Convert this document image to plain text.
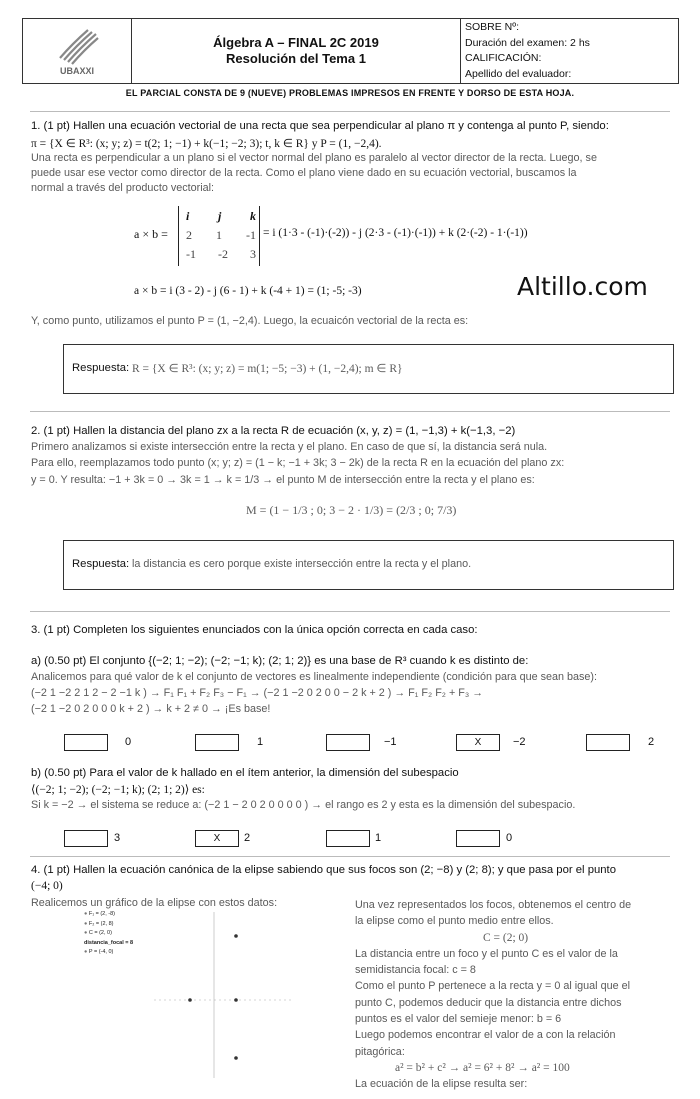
UBAXXI

Álgebra A – FINAL 2C 2019
Resolución del Tema 1

SOBRE Nº:
Duración del examen: 2 hs
CALIFICACIÓN:
Apellido del evaluador:
EL PARCIAL CONSTA DE 9 (NUEVE) PROBLEMAS IMPRESOS EN FRENTE Y DORSO DE ESTA HOJA.
1. (1 pt) Hallen una ecuación vectorial de una recta que sea perpendicular al plano π y contenga al punto P, siendo:
π = {X ∈ R³: (x; y; z) = t(2; 1; −1) + k(−1; −2; 3); t, k ∈ R} y P = (1, −2,4).
Una recta es perpendicular a un plano si el vector normal del plano es paralelo al vector director de la recta. Luego, se
puede usar ese vector como director de la recta. Como el plano viene dado en su ecuación vectorial, buscamos la
normal a través del producto vectorial:
a × b =
i j k
2 1 -1
-1 -2 3
= i (1·3 - (-1)·(-2)) - j (2·3 - (-1)·(-1)) + k (2·(-2) - 1·(-1))
a × b = i (3 - 2) - j (6 - 1) + k (-4 + 1) = (1; -5; -3)	Altillo.com
Y, como punto, utilizamos el punto P = (1, −2,4). Luego, la ecuaicón vectorial de la recta es:
Respuesta: R = {X ∈ R³: (x; y; z) = m(1; −5; −3) + (1, −2,4); m ∈ R}
2. (1 pt) Hallen la distancia del plano zx a la recta R de ecuación (x, y, z) = (1, −1,3) + k(−1,3, −2)
Primero analizamos si existe intersección entre la recta y el plano. En caso de que sí, la distancia será nula.
Para ello, reemplazamos todo punto (x; y; z) = (1 − k; −1 + 3k; 3 − 2k) de la recta R en la ecuación del plano zx:
y = 0. Y resulta: −1 + 3k = 0 → 3k = 1 → k = 1/3 → el punto M de intersección entre la recta y el plano es:
M = (1 − 1/3 ; 0; 3 − 2 · 1/3) = (2/3 ; 0; 7/3)
Respuesta: la distancia es cero porque existe intersección entre la recta y el plano.
3. (1 pt) Completen los siguientes enunciados con la única opción correcta en cada caso:
a) (0.50 pt) El conjunto {(−2; 1; −2); (−2; −1; k); (2; 1; 2)} es una base de R³ cuando k es distinto de:
Analicemos para qué valor de k el conjunto de vectores es linealmente independiente (condición para que sean base):
(−2 1 −2 2 1 2 − 2 −1 k ) → F₁ F₁ + F₂ F₃ − F₁ → (−2 1 −2 0 2 0 0 − 2 k + 2 ) → F₁ F₂ F₂ + F₃ →
(−2 1 −2 0 2 0 0 0 k + 2 ) → k + 2 ≠ 0 → ¡Es base!
0	1	−1	X	−2	2
b) (0.50 pt) Para el valor de k hallado en el ítem anterior, la dimensión del subespacio
⟨(−2; 1; −2); (−2; −1; k); (2; 1; 2)⟩ es:
Si k = −2 → el sistema se reduce a: (−2 1 − 2 0 2 0 0 0 0 ) → el rango es 2 y esta es la dimensión del subespacio.
3	X	2	1	0
4. (1 pt) Hallen la ecuación canónica de la elipse sabiendo que sus focos son (2; −8) y (2; 8); y que pasa por el punto
(−4; 0)
Realicemos un gráfico de la elipse con estos datos:
● F₁ = (2, -8)
● F₂ = (2, 8)
● C = (2, 0)
distancia_focal = 8
● P = (-4, 0)
Una vez representados los focos, obtenemos el centro de
la elipse como el punto medio entre ellos.
C = (2; 0)
La distancia entre un foco y el punto C es el valor de la
semidistancia focal: c = 8
Como el punto P pertenece a la recta y = 0 al igual que el
punto C, podemos deducir que la distancia entre dichos
puntos es el valor del semieje menor: b = 6
Luego podemos encontrar el valor de a con la relación
pitagórica:
a² = b² + c² → a² = 6² + 8² → a² = 100
La ecuación de la elipse resulta ser:
